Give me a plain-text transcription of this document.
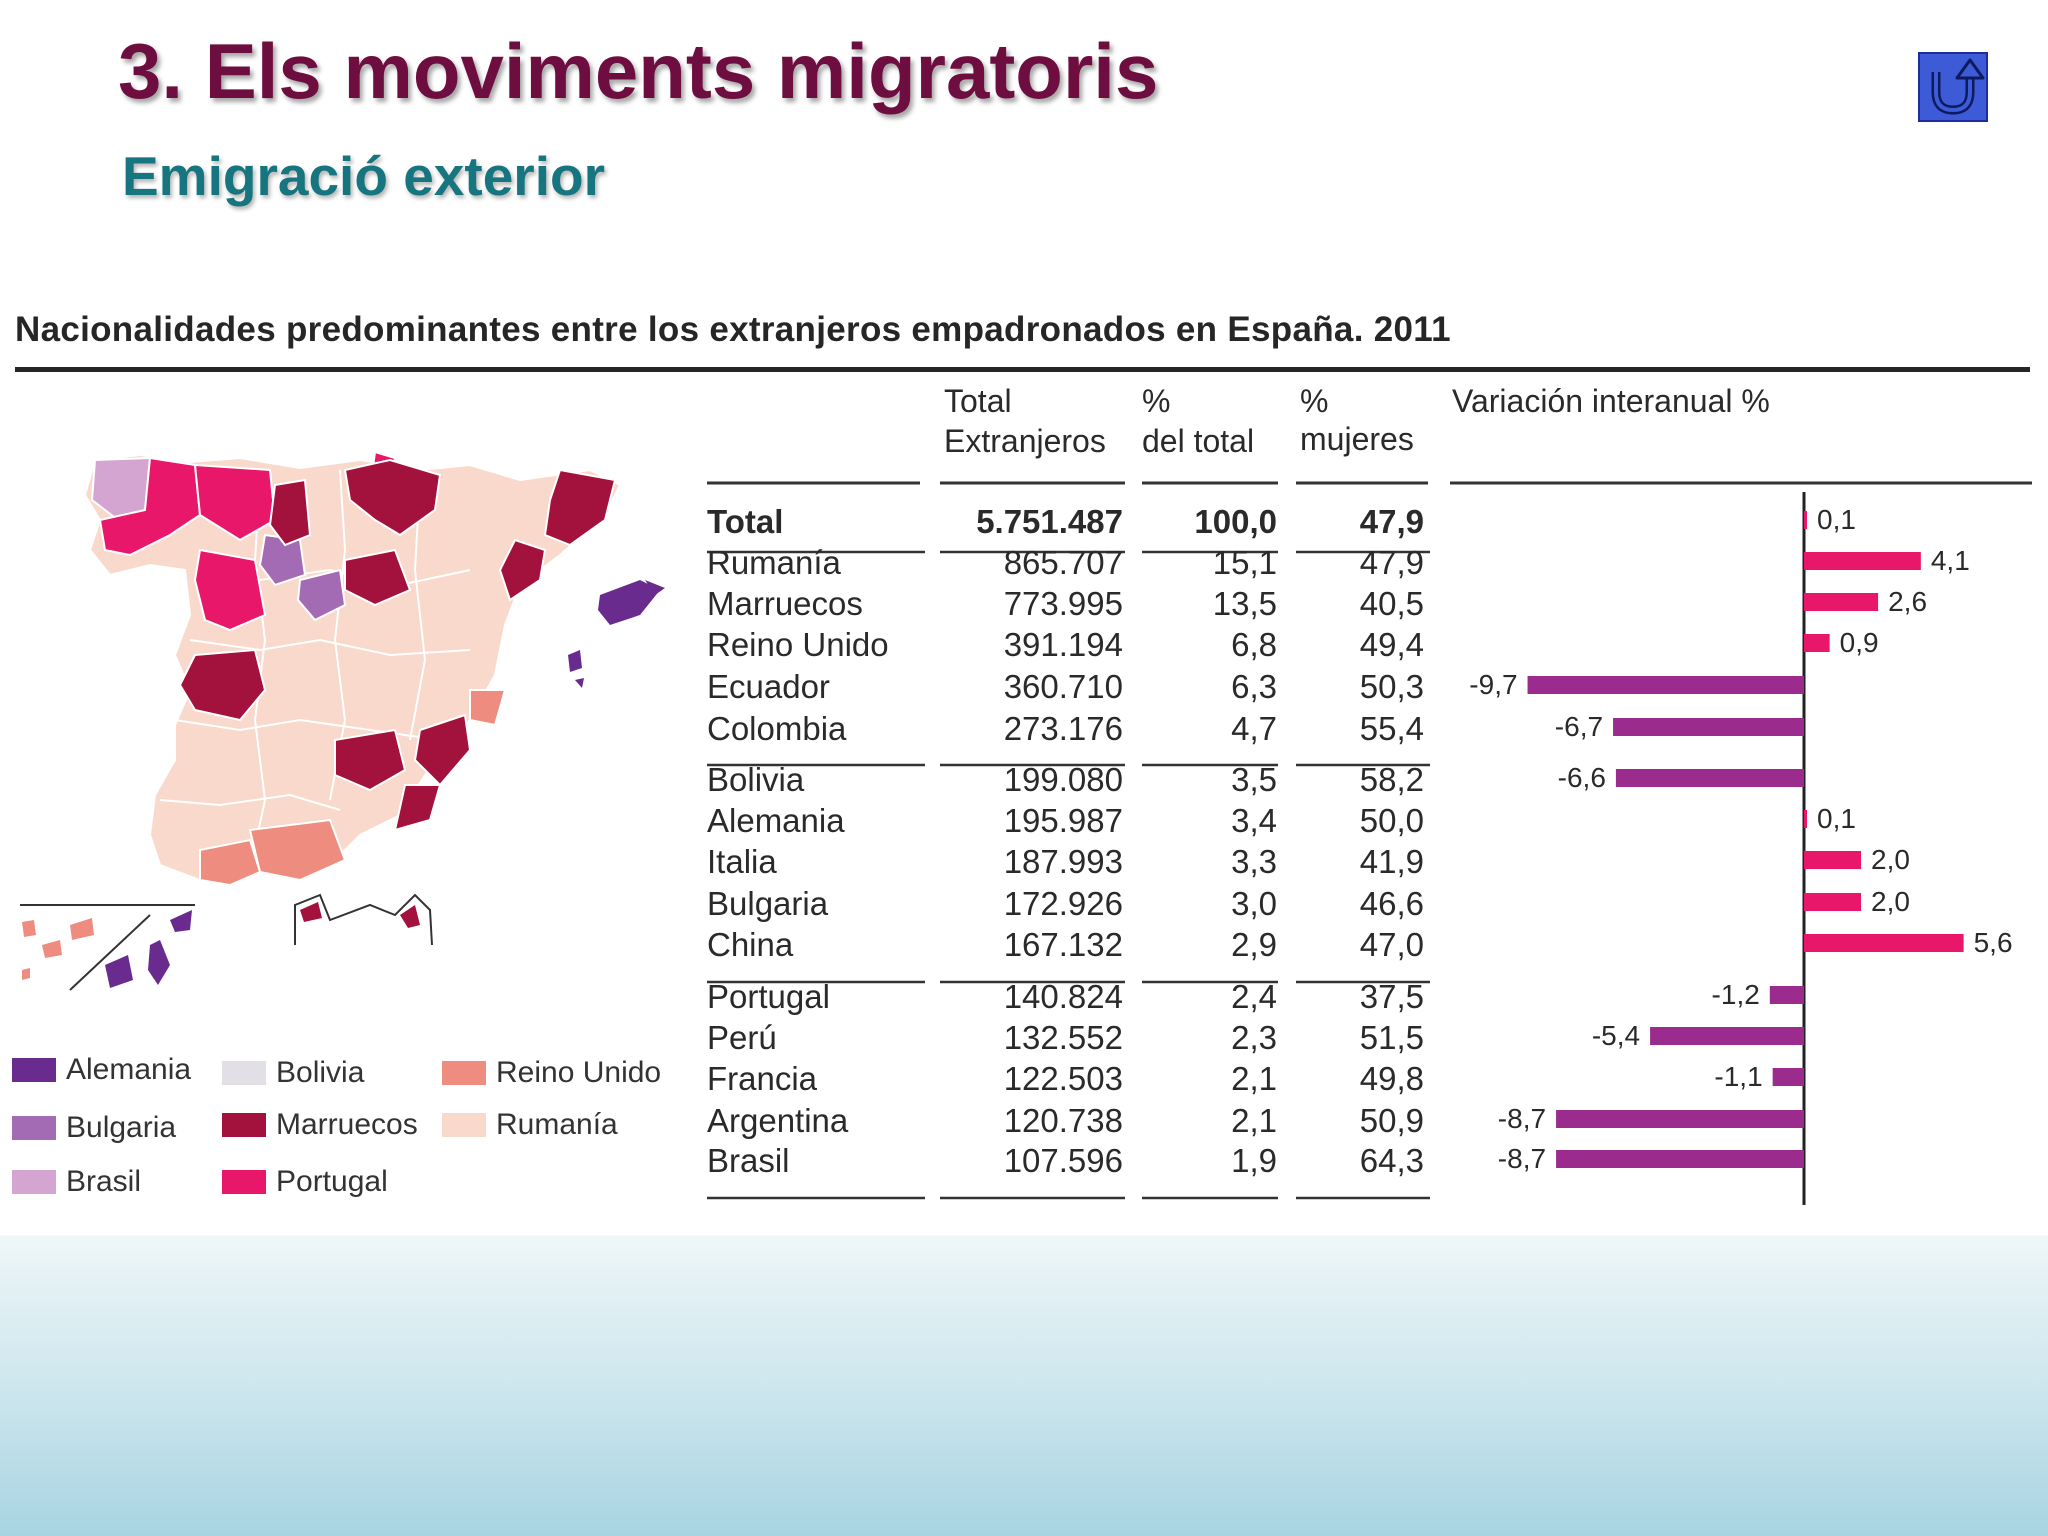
3. Els moviments migratoris
Emigració exterior
Nacionalidades predominantes entre los extranjeros empadronados en España. 2011
Alemania	Bolivia	Reino Unido
Bulgaria	Marruecos	Rumanía
Brasil	Portugal
Total
Extranjeros
%
del total
%
mujeres
Variación interanual %
Total	5.751.487 100,0	47,9	0,1
Rumanía	865.707	15,1	47,9	4,1
Marruecos	773.995	13,5	40,5	2,6
Reino Unido	391.194	6,8	49,4	0,9
Ecuador	360.710	6,3	50,3 -9,7
Colombia	273.176	4,7	55,4	-6,7
Bolivia	199.080	3,5	58,2	-6,6
Alemania	195.987	3,4	50,0	0,1
Italia	187.993	3,3	41,9	2,0
Bulgaria	172.926	3,0	46,6	2,0
China	167.132	2,9	47,0	5,6
Portugal	140.824	2,4	37,5	-1,2
Perú	132.552	2,3	51,5	-5,4
Francia	122.503	2,1	49,8	-1,1
Argentina	120.738	2,1	50,9	-8,7
Brasil	107.596	1,9	64,3	-8,7
